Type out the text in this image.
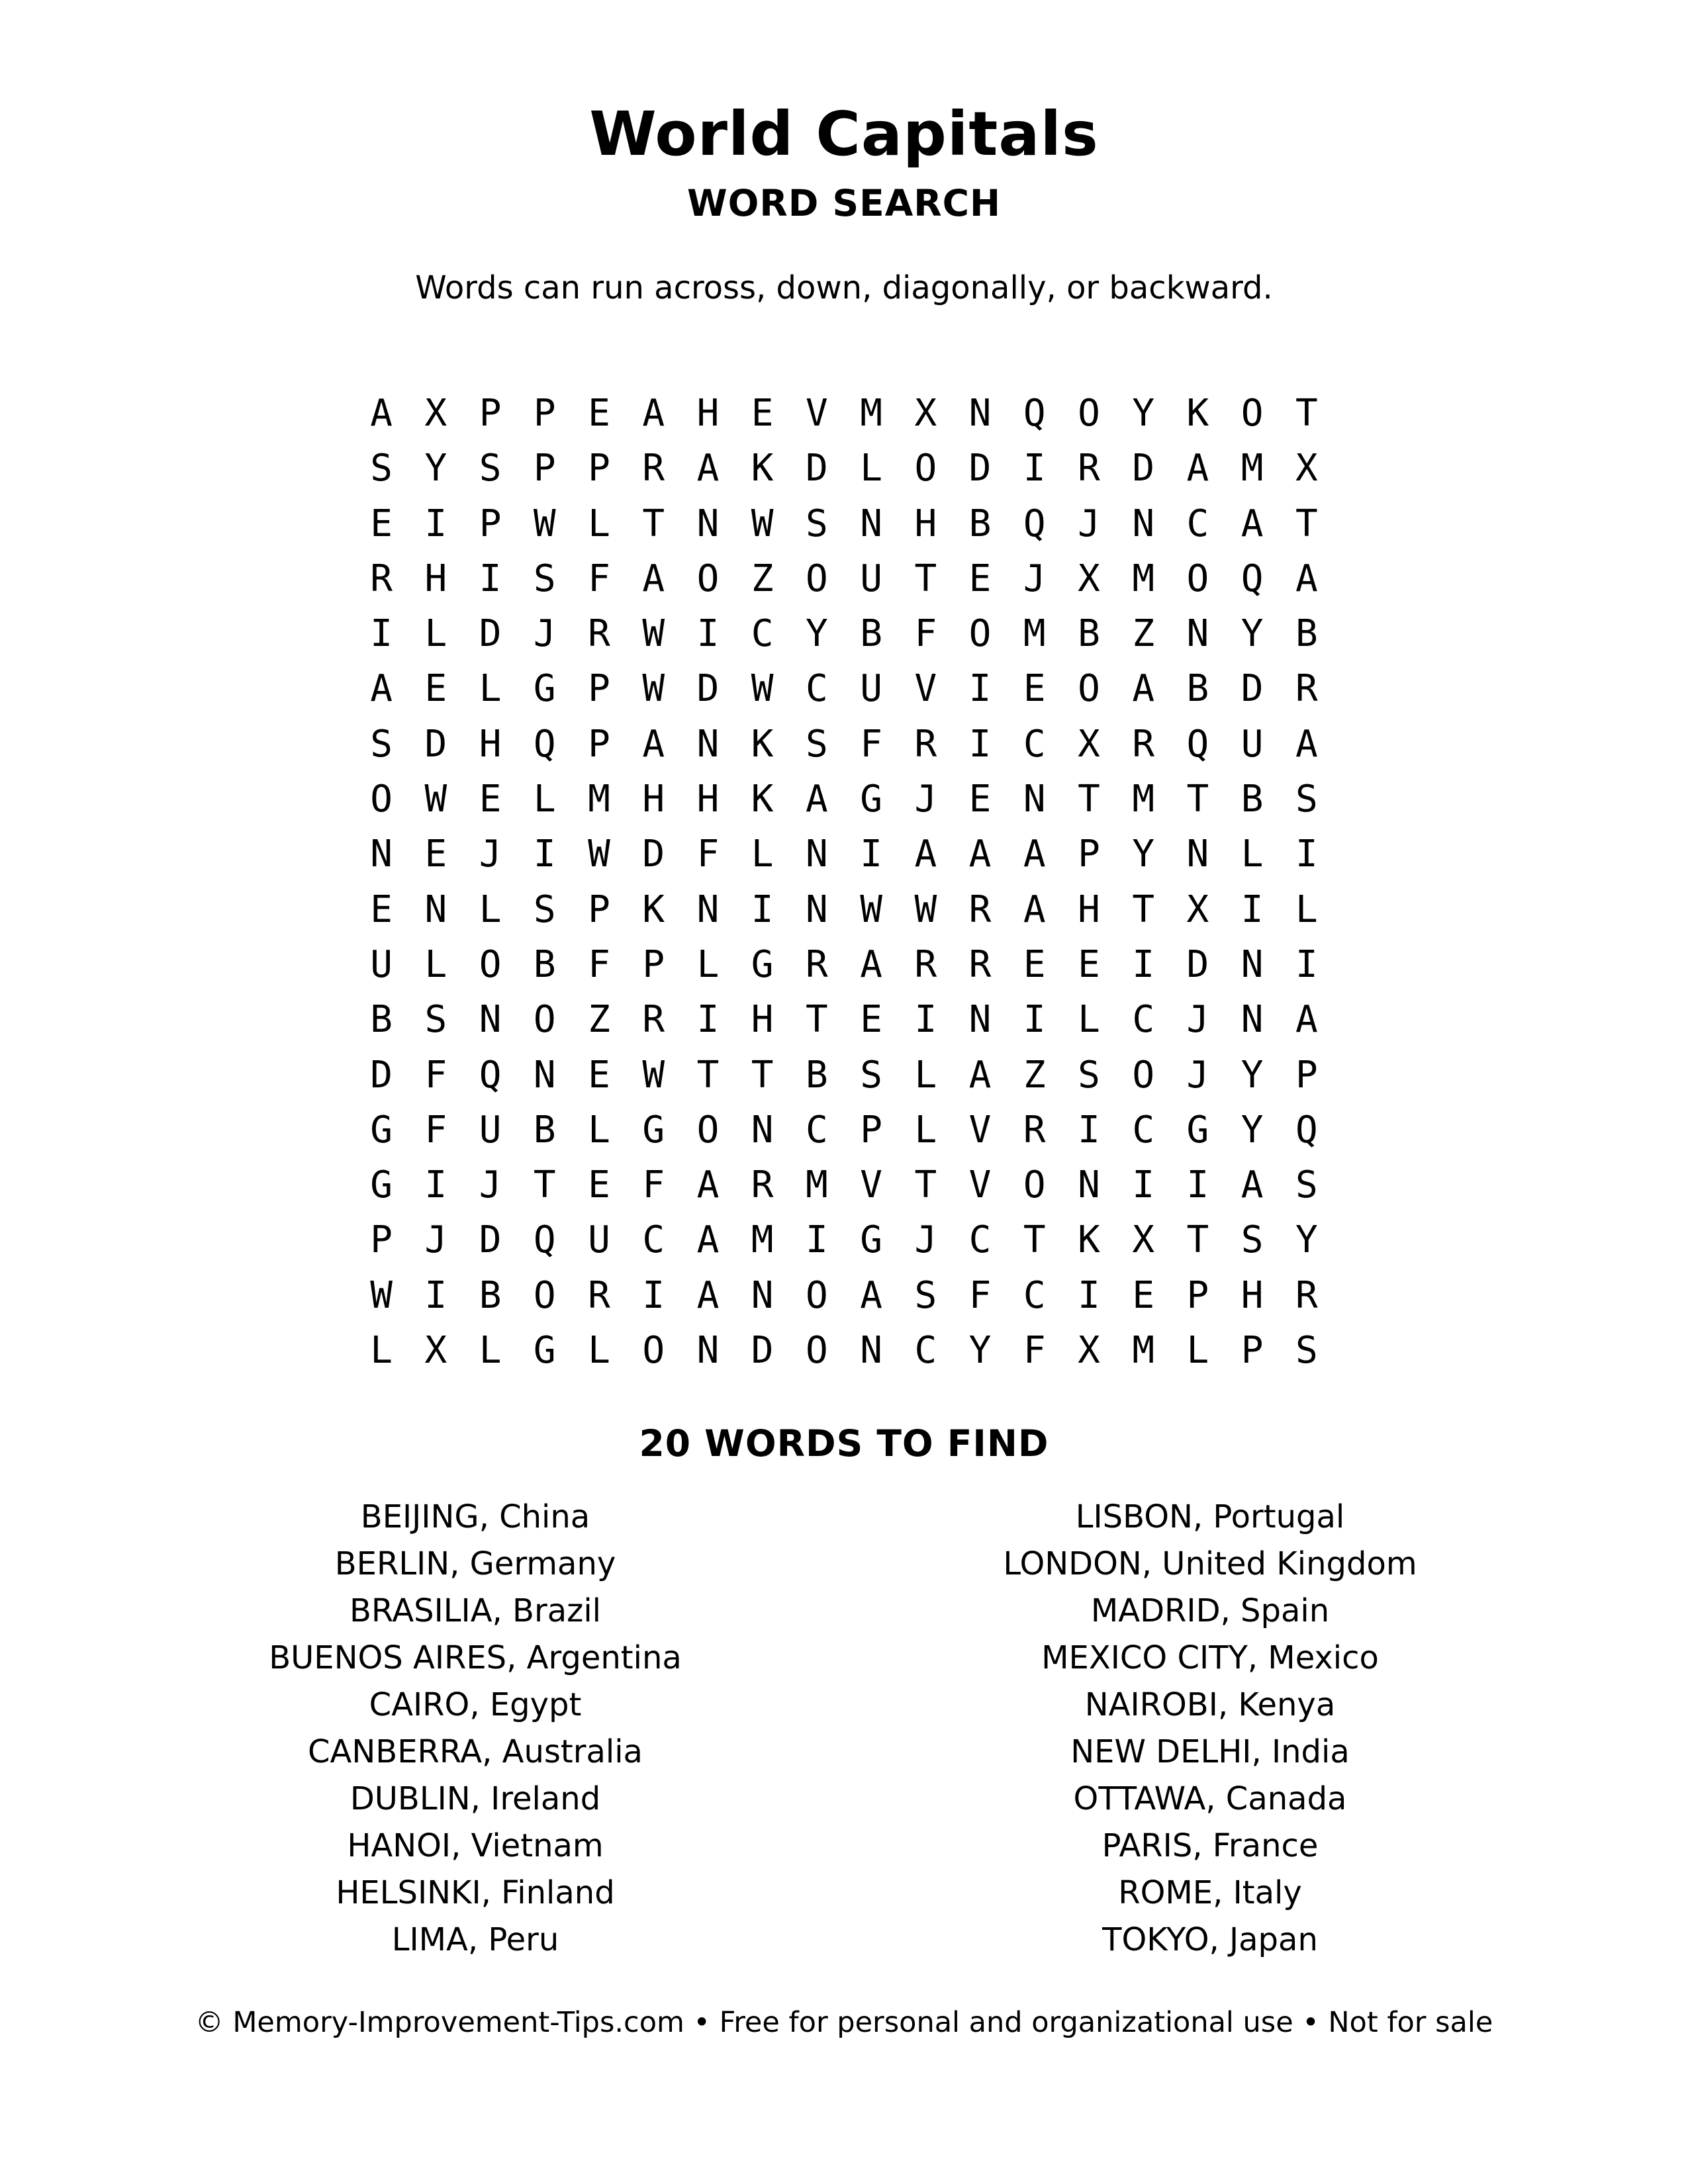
World Capitals
WORD SEARCH
Words can run across, down, diagonally, or backward.
A X P P E A H E V M X N Q O Y K O T
S Y S P P R A K D L O D I R D A M X
E I P W L T N W S N H B Q J N C A T
R H I S F A O Z O U T E J X M O Q A
I L D J R W I C Y B F O M B Z N Y B
A E L G P W D W C U V I E O A B D R
S D H Q P A N K S F R I C X R Q U A
O W E L M H H K A G J E N T M T B S
N E J I W D F L N I A A A P Y N L I
E N L S P K N I N W W R A H T X I L
U L O B F P L G R A R R E E I D N I
B S N O Z R I H T E I N I L C J N A
D F Q N E W T T B S L A Z S O J Y P
G F U B L G O N C P L V R I C G Y Q
G I J T E F A R M V T V O N I I A S
P J D Q U C A M I G J C T K X T S Y
W I B O R I A N O A S F C I E P H R
L X L G L O N D O N C Y F X M L P S
20 WORDS TO FIND
BEIJING, China
BERLIN, Germany
BRASILIA, Brazil
BUENOS AIRES, Argentina
CAIRO, Egypt
CANBERRA, Australia
DUBLIN, Ireland
HANOI, Vietnam
HELSINKI, Finland
LIMA, Peru
LISBON, Portugal
LONDON, United Kingdom
MADRID, Spain
MEXICO CITY, Mexico
NAIROBI, Kenya
NEW DELHI, India
OTTAWA, Canada
PARIS, France
ROME, Italy
TOKYO, Japan
© Memory-Improvement-Tips.com • Free for personal and organizational use • Not for sale
